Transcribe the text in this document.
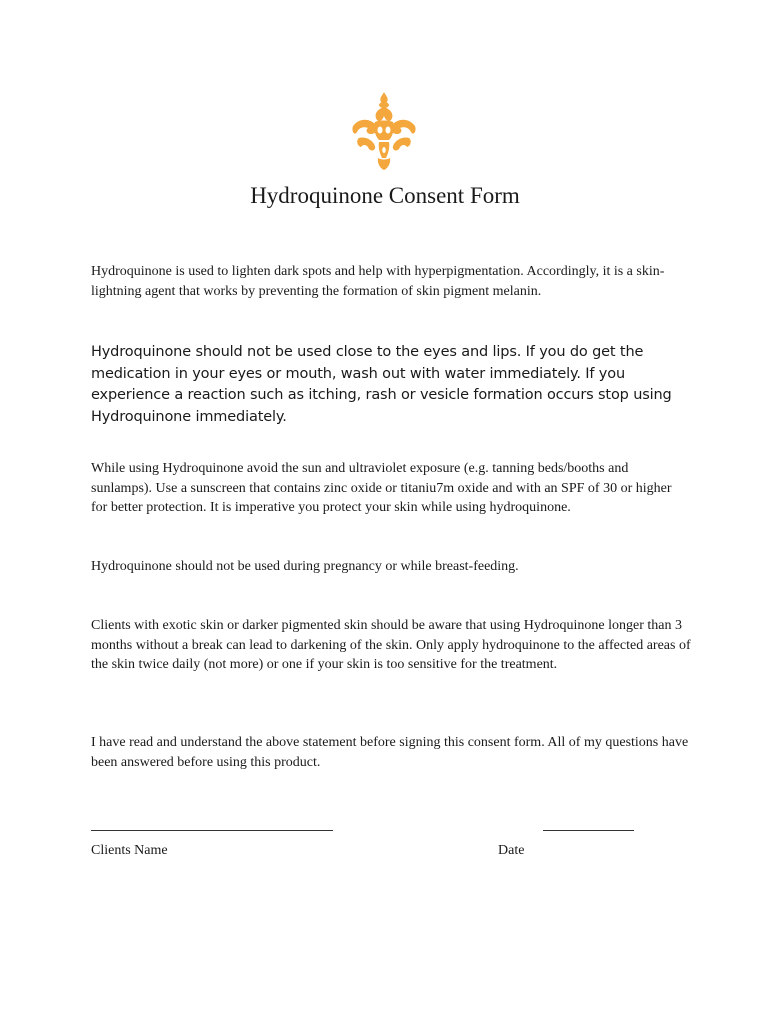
Hydroquinone Consent Form

Hydroquinone is used to lighten dark spots and help with hyperpigmentation. Accordingly, it is a skin-lightning agent that works by preventing the formation of skin pigment melanin.

Hydroquinone should not be used close to the eyes and lips. If you do get the medication in your eyes or mouth, wash out with water immediately. If you experience a reaction such as itching, rash or vesicle formation occurs stop using Hydroquinone immediately.

While using Hydroquinone avoid the sun and ultraviolet exposure (e.g. tanning beds/booths and sunlamps). Use a sunscreen that contains zinc oxide or titaniu7m oxide and with an SPF of 30 or higher for better protection. It is imperative you protect your skin while using hydroquinone.

Hydroquinone should not be used during pregnancy or while breast-feeding.

Clients with exotic skin or darker pigmented skin should be aware that using Hydroquinone longer than 3 months without a break can lead to darkening of the skin. Only apply hydroquinone to the affected areas of the skin twice daily (not more) or one if your skin is too sensitive for the treatment.

I have read and understand the above statement before signing this consent form. All of my questions have been answered before using this product.

Clients Name	Date
